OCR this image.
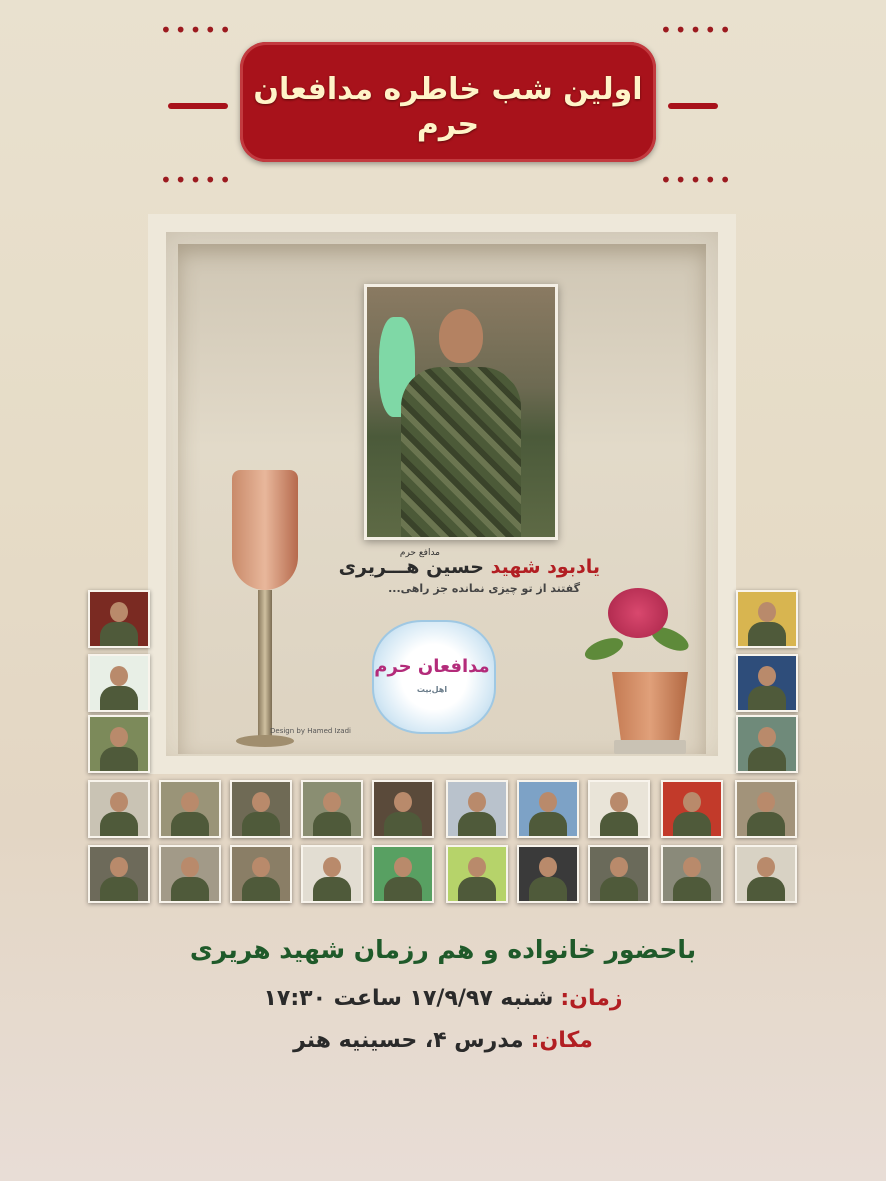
اولین شب خاطره مدافعان حرم
•••••	•••••
•••••	•••••
مدافع حرم
یادبود شهید حسین هـــریری
گفتند از تو چیزی نمانده جز راهی...
مدافعان حرم
اهل‌بیت
Design by Hamed Izadi
باحضور خانواده و هم رزمان شهید هریری
زمان: شنبه ۱۷/۹/۹۷ ساعت ۱۷:۳۰
مکان: مدرس ۴، حسینیه هنر
